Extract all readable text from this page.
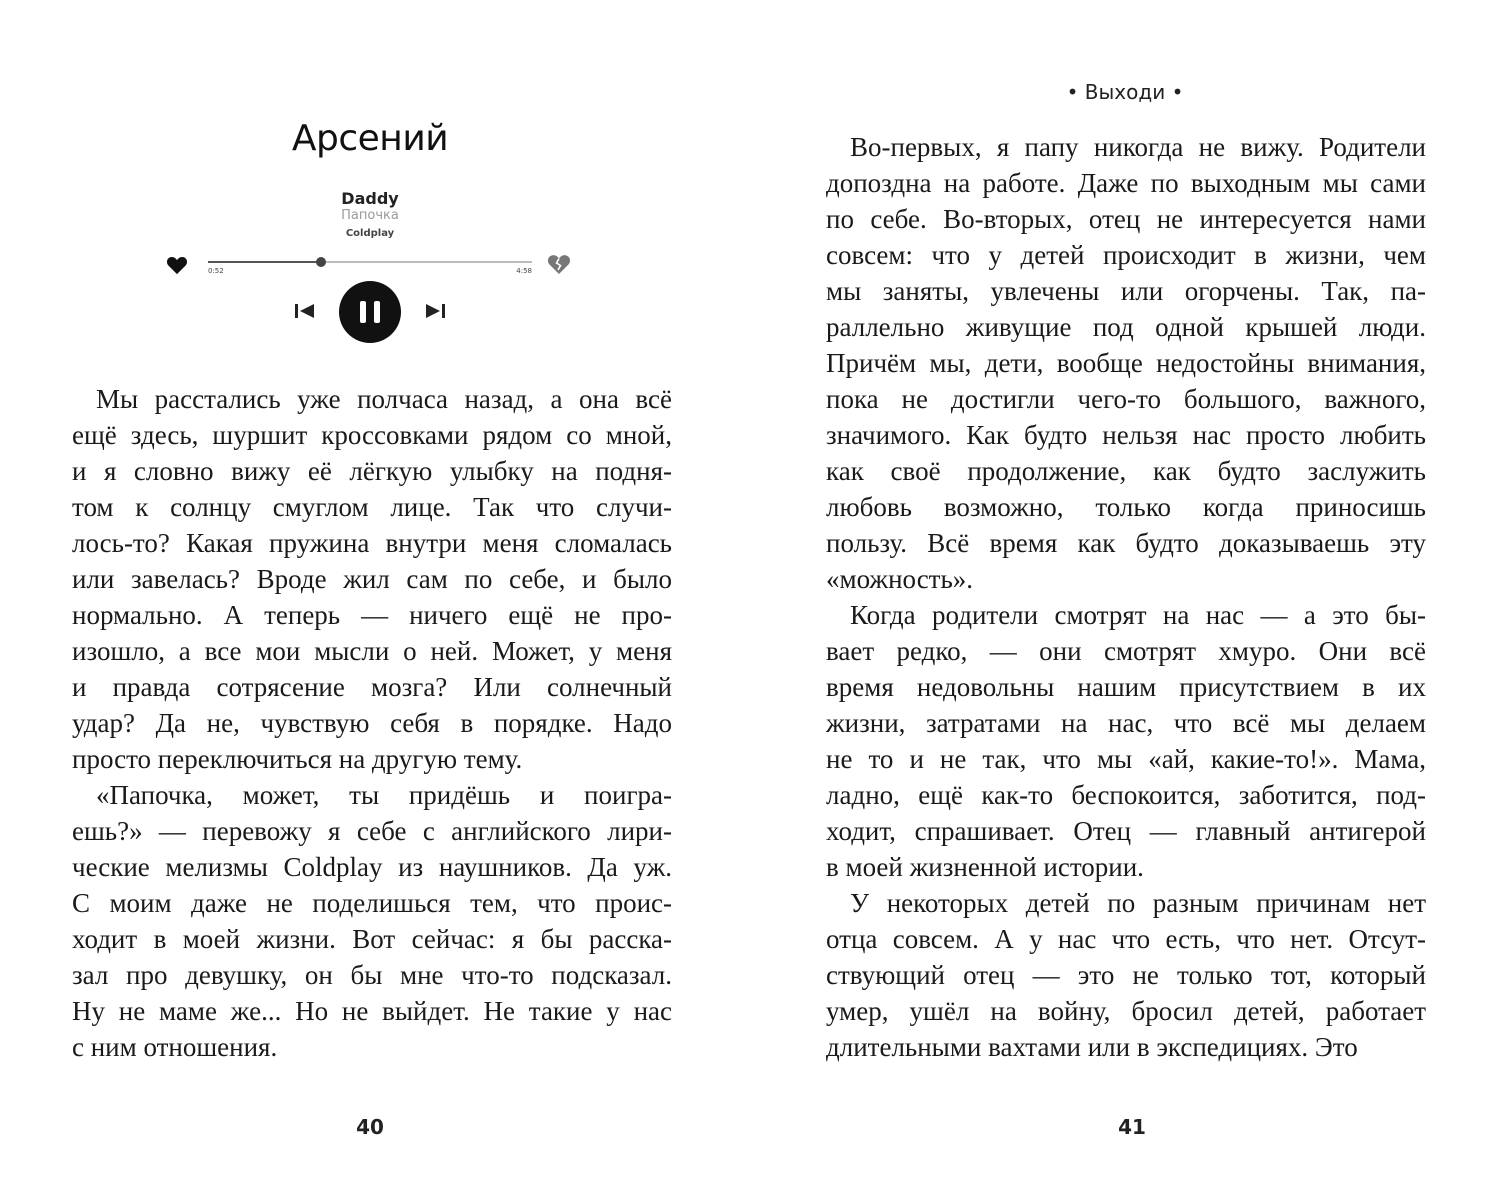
Арсений
Daddy
Папочка
Coldplay
0:52	4:58
Мы расстались уже полчаса назад, а она всё
ещё здесь, шуршит кроссовками рядом со мной,
и я словно вижу её лёгкую улыбку на подня-
том к солнцу смуглом лице. Так что случи-
лось-то? Какая пружина внутри меня сломалась
или завелась? Вроде жил сам по себе, и было
нормально. А теперь — ничего ещё не про-
изошло, а все мои мысли о ней. Может, у меня
и правда сотрясение мозга? Или солнечный
удар? Да не, чувствую себя в порядке. Надо
просто переключиться на другую тему.
«Папочка, может, ты придёшь и поигра-
ешь?» — перевожу я себе с английского лири-
ческие мелизмы Coldplay из наушников. Да уж.
С моим даже не поделишься тем, что проис-
ходит в моей жизни. Вот сейчас: я бы расска-
зал про девушку, он бы мне что-то подсказал.
Ну не маме же... Но не выйдет. Не такие у нас
с ним отношения.
40
• Выходи •
Во-первых, я папу никогда не вижу. Родители
допоздна на работе. Даже по выходным мы сами
по себе. Во-вторых, отец не интересуется нами
совсем: что у детей происходит в жизни, чем
мы заняты, увлечены или огорчены. Так, па-
раллельно живущие под одной крышей люди.
Причём мы, дети, вообще недостойны внимания,
пока не достигли чего-то большого, важного,
значимого. Как будто нельзя нас просто любить
как своё продолжение, как будто заслужить
любовь возможно, только когда приносишь
пользу. Всё время как будто доказываешь эту
«можность».
Когда родители смотрят на нас — а это бы-
вает редко, — они смотрят хмуро. Они всё
время недовольны нашим присутствием в их
жизни, затратами на нас, что всё мы делаем
не то и не так, что мы «ай, какие-то!». Мама,
ладно, ещё как-то беспокоится, заботится, под-
ходит, спрашивает. Отец — главный антигерой
в моей жизненной истории.
У некоторых детей по разным причинам нет
отца совсем. А у нас что есть, что нет. Отсут-
ствующий отец — это не только тот, который
умер, ушёл на войну, бросил детей, работает
длительными вахтами или в экспедициях. Это
41
